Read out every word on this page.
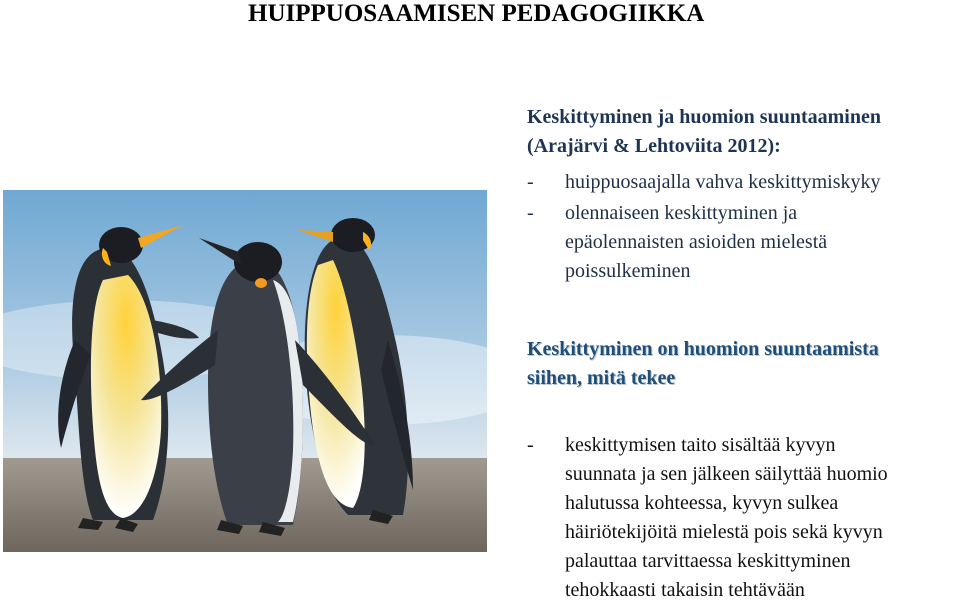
HUIPPUOSAAMISEN PEDAGOGIIKKA
Keskittyminen ja huomion suuntaaminen
(Arajärvi & Lehtoviita 2012):
- huippuosaajalla vahva keskittymiskyky
- olennaiseen keskittyminen ja
epäolennaisten asioiden mielestä
poissulkeminen
Keskittyminen on huomion suuntaamista
siihen, mitä tekee
- keskittymisen taito sisältää kyvyn
suunnata ja sen jälkeen säilyttää huomio
halutussa kohteessa, kyvyn sulkea
häiriötekijöitä mielestä pois sekä kyvyn
palauttaa tarvittaessa keskittyminen
tehokkaasti takaisin tehtävään
